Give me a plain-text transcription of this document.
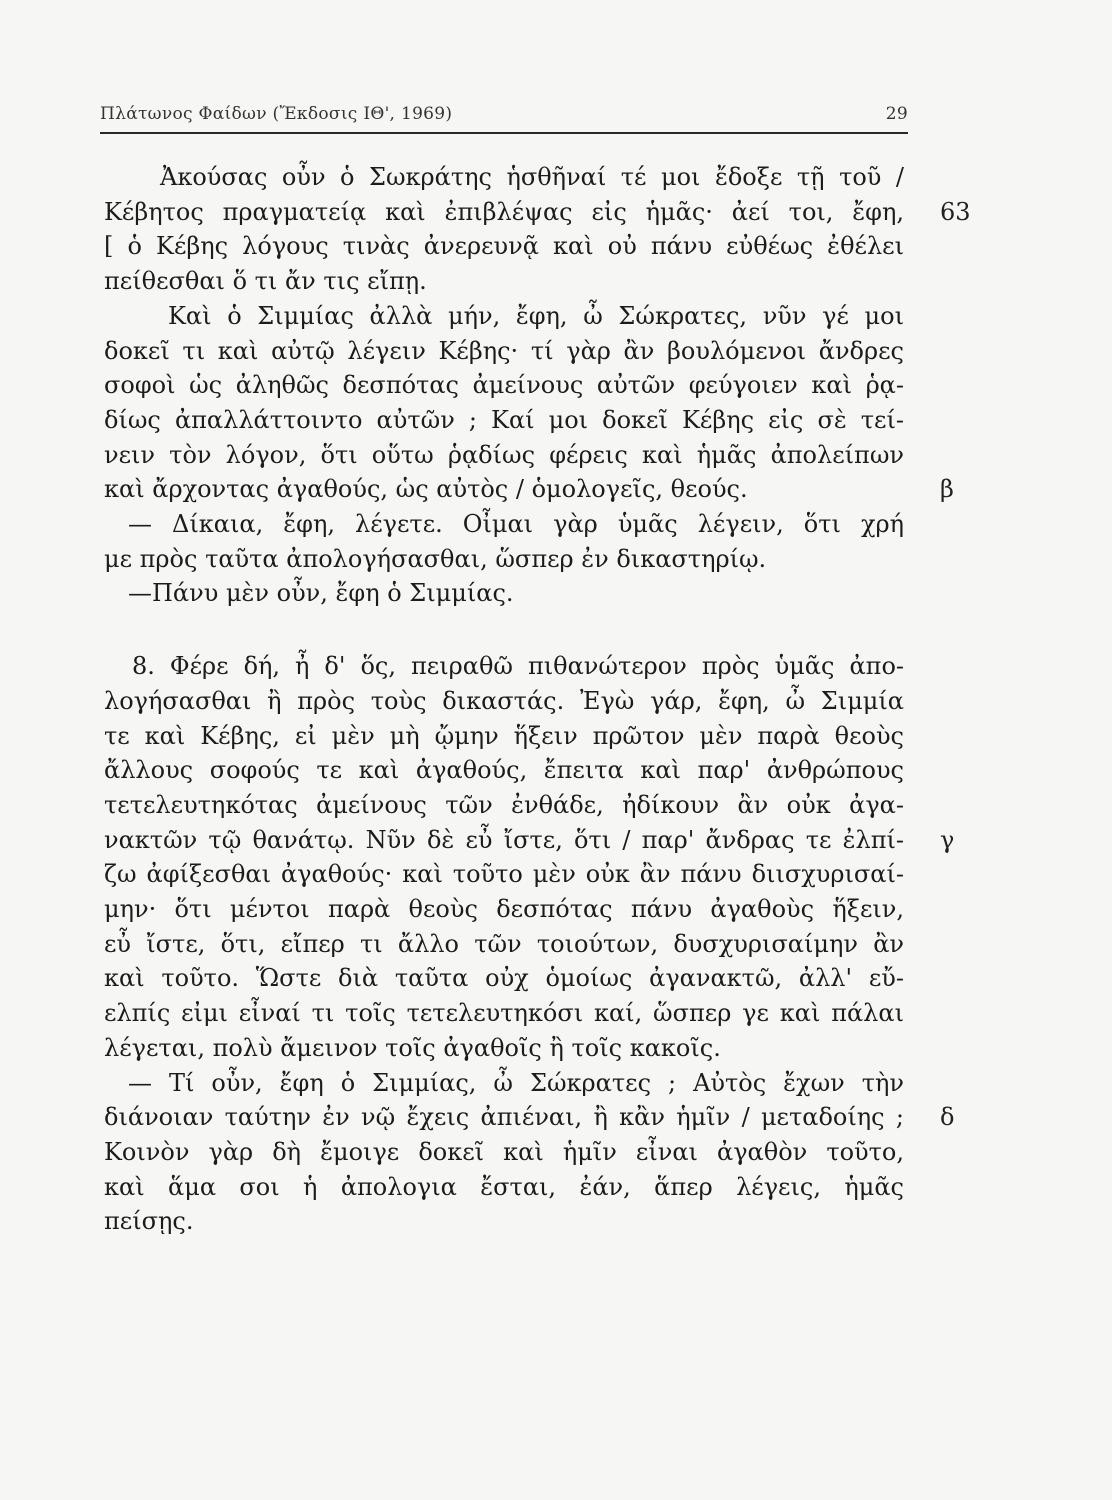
Πλάτωνος Φαίδων (Ἔκδοσις ΙΘ', 1969)	29
Ἀκούσας οὖν ὁ Σωκράτης ἡσθῆναί τέ μοι ἔδοξε τῇ τοῦ /
Κέβητος πραγματείᾳ καὶ ἐπιβλέψας εἰς ἡμᾶς· ἀεί τοι, ἔφη,
[ ὁ Κέβης λόγους τινὰς ἀνερευνᾷ καὶ οὐ πάνυ εὐθέως ἐθέλει
πείθεσθαι ὅ τι ἄν τις εἴπῃ.
Καὶ ὁ Σιμμίας ἀλλὰ μήν, ἔφη, ὦ Σώκρατες, νῦν γέ μοι
δοκεῖ τι καὶ αὐτῷ λέγειν Κέβης· τί γὰρ ἂν βουλόμενοι ἄνδρες
σοφοὶ ὡς ἀληθῶς δεσπότας ἀμείνους αὐτῶν φεύγοιεν καὶ ῥᾳ-
δίως ἀπαλλάττοιντο αὐτῶν ; Καί μοι δοκεῖ Κέβης εἰς σὲ τεί-
νειν τὸν λόγον, ὅτι οὕτω ῥᾳδίως φέρεις καὶ ἡμᾶς ἀπολείπων
καὶ ἄρχοντας ἀγαθούς, ὡς αὐτὸς / ὁμολογεῖς, θεούς.
— Δίκαια, ἔφη, λέγετε. Οἶμαι γὰρ ὑμᾶς λέγειν, ὅτι χρή
με πρὸς ταῦτα ἀπολογήσασθαι, ὥσπερ ἐν δικαστηρίῳ.
—Πάνυ μὲν οὖν, ἔφη ὁ Σιμμίας.
8. Φέρε δή, ἦ δ' ὅς, πειραθῶ πιθανώτερον πρὸς ὑμᾶς ἀπο-
λογήσασθαι ἢ πρὸς τοὺς δικαστάς. Ἐγὼ γάρ, ἔφη, ὦ Σιμμία
τε καὶ Κέβης, εἰ μὲν μὴ ᾤμην ἥξειν πρῶτον μὲν παρὰ θεοὺς
ἄλλους σοφούς τε καὶ ἀγαθούς, ἔπειτα καὶ παρ' ἀνθρώπους
τετελευτηκότας ἀμείνους τῶν ἐνθάδε, ἠδίκουν ἂν οὐκ ἀγα-
νακτῶν τῷ θανάτῳ. Νῦν δὲ εὖ ἴστε, ὅτι / παρ' ἄνδρας τε ἐλπί-
ζω ἀφίξεσθαι ἀγαθούς· καὶ τοῦτο μὲν οὐκ ἂν πάνυ διισχυρισαί-
μην· ὅτι μέντοι παρὰ θεοὺς δεσπότας πάνυ ἀγαθοὺς ἥξειν,
εὖ ἴστε, ὅτι, εἴπερ τι ἄλλο τῶν τοιούτων, δυσχυρισαίμην ἂν
καὶ τοῦτο. Ὥστε διὰ ταῦτα οὐχ ὁμοίως ἀγανακτῶ, ἀλλ' εὔ-
ελπίς εἰμι εἶναί τι τοῖς τετελευτηκόσι καί, ὥσπερ γε καὶ πάλαι
λέγεται, πολὺ ἄμεινον τοῖς ἀγαθοῖς ἢ τοῖς κακοῖς.
— Τί οὖν, ἔφη ὁ Σιμμίας, ὦ Σώκρατες ; Αὐτὸς ἔχων τὴν
διάνοιαν ταύτην ἐν νῷ ἔχεις ἀπιέναι, ἢ κἂν ἡμῖν / μεταδοίης ;
Κοινὸν γὰρ δὴ ἔμοιγε δοκεῖ καὶ ἡμῖν εἶναι ἀγαθὸν τοῦτο,
καὶ ἅμα σοι ἡ ἀπολογια ἔσται, ἐάν, ἅπερ λέγεις, ἡμᾶς
πείσῃς.
63
β
γ
δ
